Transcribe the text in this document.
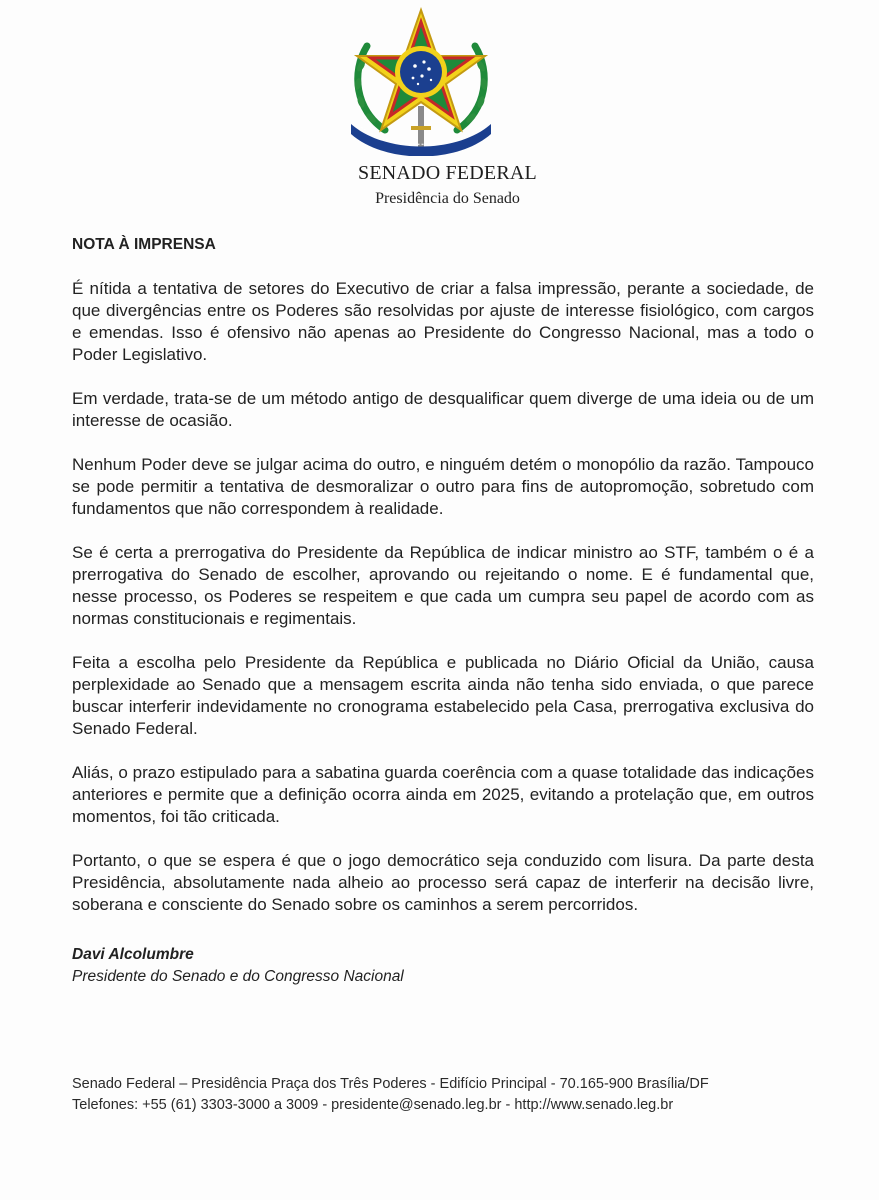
SENADO FEDERAL
Presidência do Senado
NOTA À IMPRENSA

É nítida a tentativa de setores do Executivo de criar a falsa impressão, perante a sociedade, de que divergências entre os Poderes são resolvidas por ajuste de interesse fisiológico, com cargos e emendas. Isso é ofensivo não apenas ao Presidente do Congresso Nacional, mas a todo o Poder Legislativo.

Em verdade, trata-se de um método antigo de desqualificar quem diverge de uma ideia ou de um interesse de ocasião.

Nenhum Poder deve se julgar acima do outro, e ninguém detém o monopólio da razão. Tampouco se pode permitir a tentativa de desmoralizar o outro para fins de autopromoção, sobretudo com fundamentos que não correspondem à realidade.

Se é certa a prerrogativa do Presidente da República de indicar ministro ao STF, também o é a prerrogativa do Senado de escolher, aprovando ou rejeitando o nome. E é fundamental que, nesse processo, os Poderes se respeitem e que cada um cumpra seu papel de acordo com as normas constitucionais e regimentais.

Feita a escolha pelo Presidente da República e publicada no Diário Oficial da União, causa perplexidade ao Senado que a mensagem escrita ainda não tenha sido enviada, o que parece buscar interferir indevidamente no cronograma estabelecido pela Casa, prerrogativa exclusiva do Senado Federal.

Aliás, o prazo estipulado para a sabatina guarda coerência com a quase totalidade das indicações anteriores e permite que a definição ocorra ainda em 2025, evitando a protelação que, em outros momentos, foi tão criticada.

Portanto, o que se espera é que o jogo democrático seja conduzido com lisura. Da parte desta Presidência, absolutamente nada alheio ao processo será capaz de interferir na decisão livre, soberana e consciente do Senado sobre os caminhos a serem percorridos.

Davi Alcolumbre
Presidente do Senado e do Congresso Nacional
Senado Federal – Presidência Praça dos Três Poderes - Edifício Principal - 70.165-900 Brasília/DF
Telefones: +55 (61) 3303-3000 a 3009 - presidente@senado.leg.br - http://www.senado.leg.br
